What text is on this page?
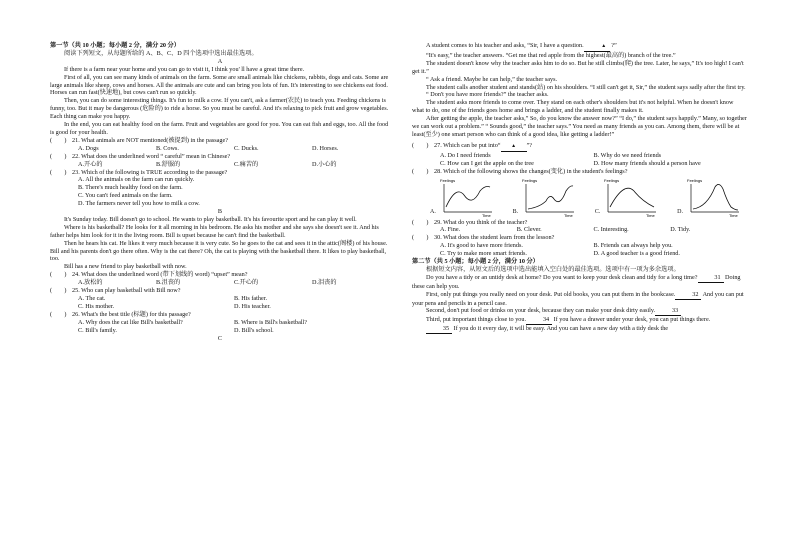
第一节（共 10 小题；每小题 2 分，满分 20 分）

阅读下列短文，从每题所给的 A、B、C、D 四个选项中选出最佳选项。

A

If there is a farm near your home and you can go to visit it, I think you' ll have a great time there.

First of all, you can see many kinds of animals on the farm. Some are small animals like chickens, rabbits, dogs and cats. Some are large animals like sheep, cows and horses. All the animals are cute and can bring you lots of fun. It's interesting to see chickens eat food. Horses can run fast(快速地), but cows can't run so quickly.

Then, you can do some interesting things. It's fun to milk a cow. If you can't, ask a farmer(农民) to teach you. Feeding chickens is funny, too. But it may be dangerous (危险的) to ride a horse. So you must be careful. And it's relaxing to pick fruit and grow vegetables. Each thing can make you happy.

In the end, you can eat healthy food on the farm. Fruit and vegetables are good for you. You can eat fish and eggs, too. All the food is good for your health.

(　　) 21. What animals are NOT mentioned(被提到) in the passage?
A. Dogs	B. Cows.	C. Ducks.	D. Horses.
(　　) 22. What does the underlined word “ careful” mean in Chinese?
A.开心的	B.舒服的	C.痛苦的	D.小心的
(　　) 23. Which of the following is TRUE according to the passage?

A. All the animals on the farm can run quickly.

B. There's much healthy food on the farm.

C. You can't feed animals on the farm.

D. The farmers never tell you how to milk a cow.

B

It's Sunday today. Bill doesn't go to school. He wants to play basketball. It's his favourite sport and he can play it well.

Where is his basketball? He looks for it all morning in his bedroom. He asks his mother and she says she doesn't see it. And his father helps him look for it in the living room. Bill is upset because he can't find the basketball.

Then he hears his cat. He likes it very much because it is very cute. So he goes to the cat and sees it in the attic(阁楼) of his house. Bill and his parents don't go there often. Why is the cat there? Oh, the cat is playing with the basketball there. It likes to play basketball, too.

Bill has a new friend to play basketball with now.

(　　) 24. What does the underlined word (带下划线的 word) “upset” mean?
A.放松的	B.沮丧的	C.开心的	D.泪丧的
(　　) 25. Who can play basketball with Bill now?
A. The cat.	B. His father.
C. His mother.	D. His teacher.
(　　) 26. What's the best title (标题) for this passage?
A. Why does the cat like Bill's basketball?	B. Where is Bill's basketball?
C. Bill's family.	D. Bill's school.

C

A student comes to his teacher and asks, “Sir, I have a question.	▲ ?”

“It's easy,” the teacher answers. “Get me that red apple from the highest(最高的) branch of the tree.”

The student doesn't know why the teacher asks him to do so. But he still climbs(爬) the tree. Later, he says,” It's too high! I can't get it.”

“ Ask a friend. Maybe he can help,” the teacher says.

The student calls another student and stands(站) on his shoulders. “I still can't get it, Sir,” the student says sadly after the first try.

“ Don't you have more friends?” the teacher asks.

The student asks more friends to come over. They stand on each other's shoulders but it's not helpful. When he doesn't know what to do, one of the friends goes home and brings a ladder, and the student finally makes it.

After getting the apple, the teacher asks,” So, do you know the answer now?” “I do,” the student says happily.” Many, so together we can work out a problem.” “ Sounds good,” the teacher says.” You need as many friends as you can. Among them, there will be at least(至少) one smart person who can think of a good idea, like getting a ladder!”

(　　) 27. Which can be put into“ ▲ ”?
A. Do I need friends	B. Why do we need friends
C. How can I get the apple on the tree	D. How many friends should a person have
(　　) 28. Which of the following shows the changes(变化) in the student's feelings?
A.
Feelings
Time
B.
Feelings
Time
C.
Feelings
Time
D.
Feelings
Time
(　　) 29. What do you think of the teacher?
A. Fine.	B. Clever.	C. Interesting.	D. Tidy.
(　　) 30. What does the student learn from the lesson?
A. It's good to have more friends.	B. Friends can always help you.
C. Try to make more smart friends.	D. A good teacher is a good friend.

第二节（共 5 小题；每小题 2 分，满分 10 分）

根据短文内容，从短文后的选项中选出能填入空白处的最佳选项。选项中有一项为多余选项。

Do you have a tidy or an untidy desk at home? Do you want to keep your desk clean and tidy for a long time?	31 Doing these can help you.

First, only put things you really need on your desk. Put old books, you can put them in the bookcase.	32 And you can put your pens and pencils in a pencil case.

Second, don't put food or drinks on your desk, because they can make your desk dirty easily.	33

Third, put important things close to you.	34 If you have a drawer under your desk, you can put things there.

35 If you do it every day, it will be easy. And you can have a new day with a tidy desk the
